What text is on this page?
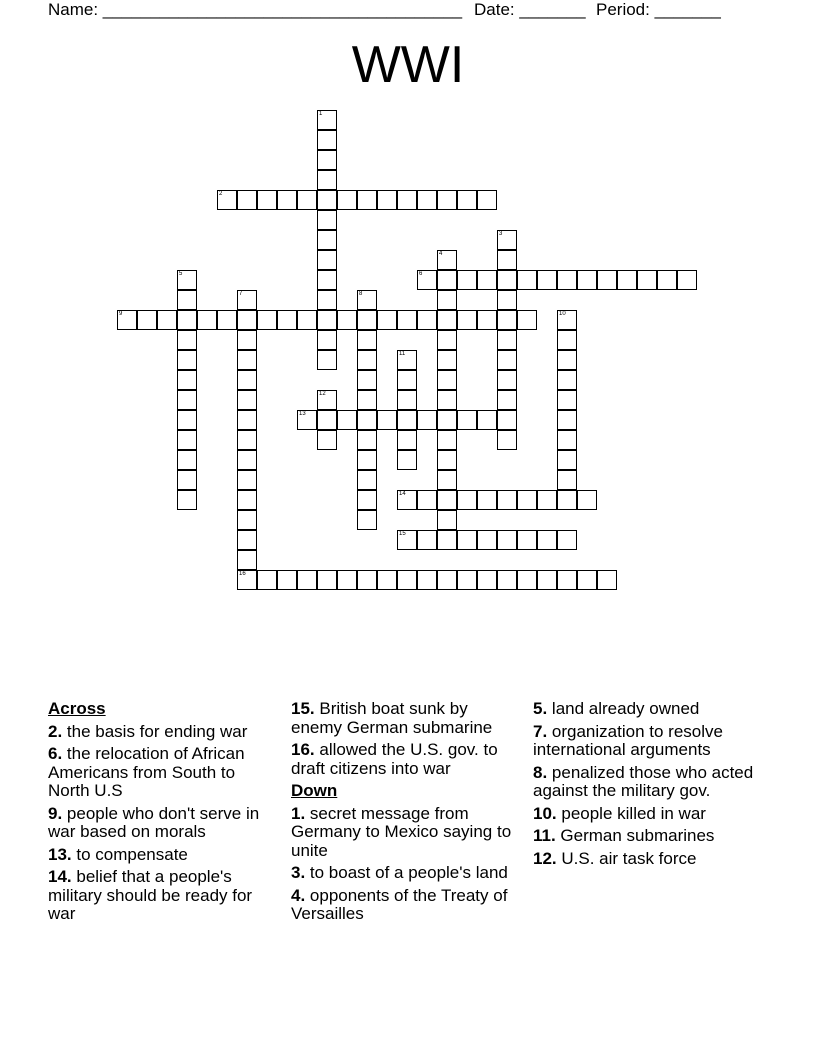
Name: ______________________________________ Date: _______ Period: _______
WWI
1
2
3
4
5	6
7
16
8
9	10
11
12
13
14
15
Across
2. the basis for ending war
6. the relocation of African Americans from South to North U.S
9. people who don't serve in war based on morals
13. to compensate
14. belief that a people's military should be ready for war
15. British boat sunk by enemy German submarine
16. allowed the U.S. gov. to draft citizens into war
Down
1. secret message from Germany to Mexico saying to unite
3. to boast of a people's land
4. opponents of the Treaty of Versailles
5. land already owned
7. organization to resolve international arguments
8. penalized those who acted against the military gov.
10. people killed in war
11. German submarines
12. U.S. air task force
